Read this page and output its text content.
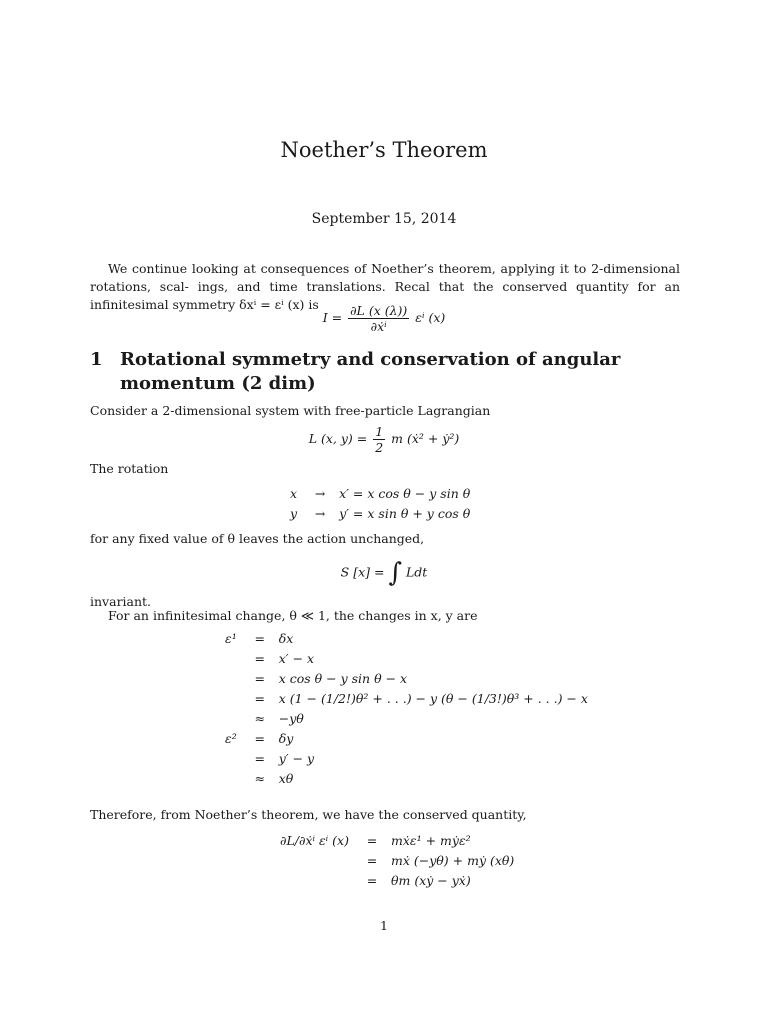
Noether’s Theorem
September 15, 2014
We continue looking at consequences of Noether’s theorem, applying it to 2-dimensional rotations, scal- ings, and time translations. Recal that the conserved quantity for an infinitesimal symmetry δxⁱ = εⁱ (x) is
$I = \frac{\partial L (x (\lambda))}{\text{∂ẋⁱ}}$ εⁱ (x)
1 Rotational symmetry and conservation of angular momentum (2 dim)
Consider a 2-dimensional system with free-particle Lagrangian
L (x, $y) = \frac{1}{2}$ m (ẋ² + ẏ²)
The rotation
x	→	x′ = x cos θ − y sin θ
y	→	y′ = x sin θ + y cos θ
for any fixed value of θ leaves the action unchanged,
S [x] = ∫ Ldt
invariant.
For an infinitesimal change, θ ≪ 1, the changes in x, y are
ε¹	=	δx
	=	x′ − x
	=	x cos θ − y sin θ − x
	=	x (1 − (1/2!)θ² + . . .) − y (θ − (1/3!)θ³ + . . .) − x
	≈	−yθ
ε²	=	δy
	=	y′ − y
	≈	xθ
Therefore, from Noether’s theorem, we have the conserved quantity,
∂L/∂ẋⁱ εⁱ (x)	=	mẋε¹ + mẏε²
	=	mẋ (−yθ) + mẏ (xθ)
	=	θm (xẏ − yẋ)
1
